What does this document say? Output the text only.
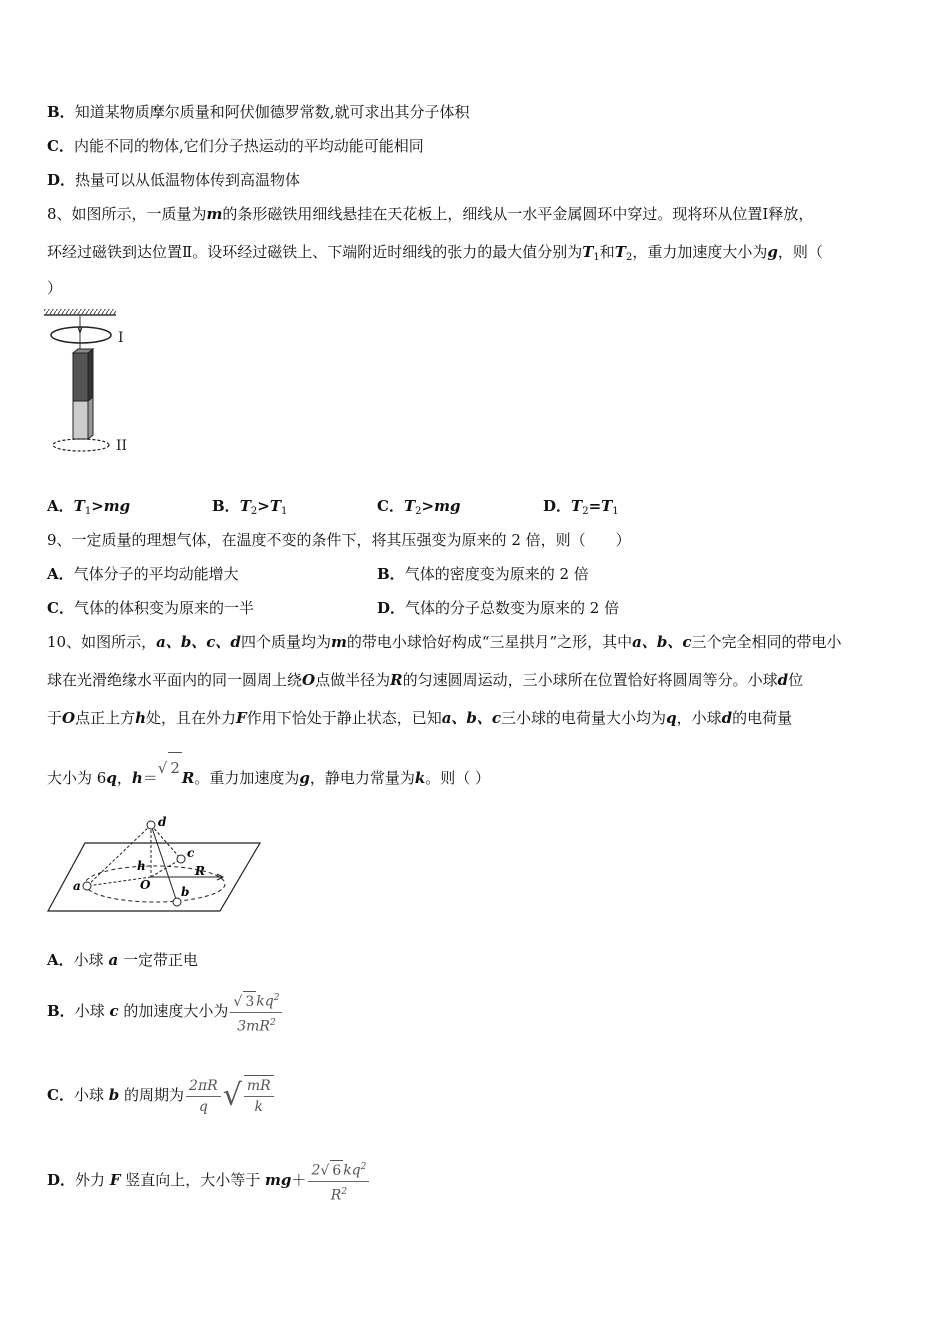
B．知道某物质摩尔质量和阿伏伽德罗常数,就可求出其分子体积
C．内能不同的物体,它们分子热运动的平均动能可能相同
D．热量可以从低温物体传到高温物体
8、如图所示，一质量为m的条形磁铁用细线悬挂在天花板上，细线从一水平金属圆环中穿过。现将环从位置Ⅰ释放，
环经过磁铁到达位置Ⅱ。设环经过磁铁上、下端附近时细线的张力的最大值分别为$T_1$和$T_2$，重力加速度大小为g，则（
）
I
II
A．$T_1>mg$	B．$T_2>T_1$	C．$T_2>mg$	D．$T_2=T_1$
9、一定质量的理想气体，在温度不变的条件下，将其压强变为原来的 2 倍，则（　　）
A．气体分子的平均动能增大	B．气体的密度变为原来的 2 倍
C．气体的体积变为原来的一半	D．气体的分子总数变为原来的 2 倍
10、如图所示，a、b、c、d四个质量均为m的带电小球恰好构成“三星拱月”之形，其中a、b、c三个完全相同的带电小
球在光滑绝缘水平面内的同一圆周上绕O点做半径为R的匀速圆周运动，三小球所在位置恰好将圆周等分。小球d位
于O点正上方h处，且在外力F作用下恰处于静止状态，已知a、b、c三小球的电荷量大小均为q，小球d的电荷量
大小为 6q，h＝√ 2R。重力加速度为g，静电力常量为k。则（ ）
d
a	b
c
h
O
R
A．小球 a 一定带正电
B．小球 c 的加速度大小为 $\frac{√ 3 kq^2}{3mR^2}$
C．小球 b 的周期为 $\frac{2\pi R}{q}$ √ $\frac{mR}{k}$
D．外力 F 竖直向上，大小等于 $mg+ \frac{2√ 6 kq^2}{R^2}$
